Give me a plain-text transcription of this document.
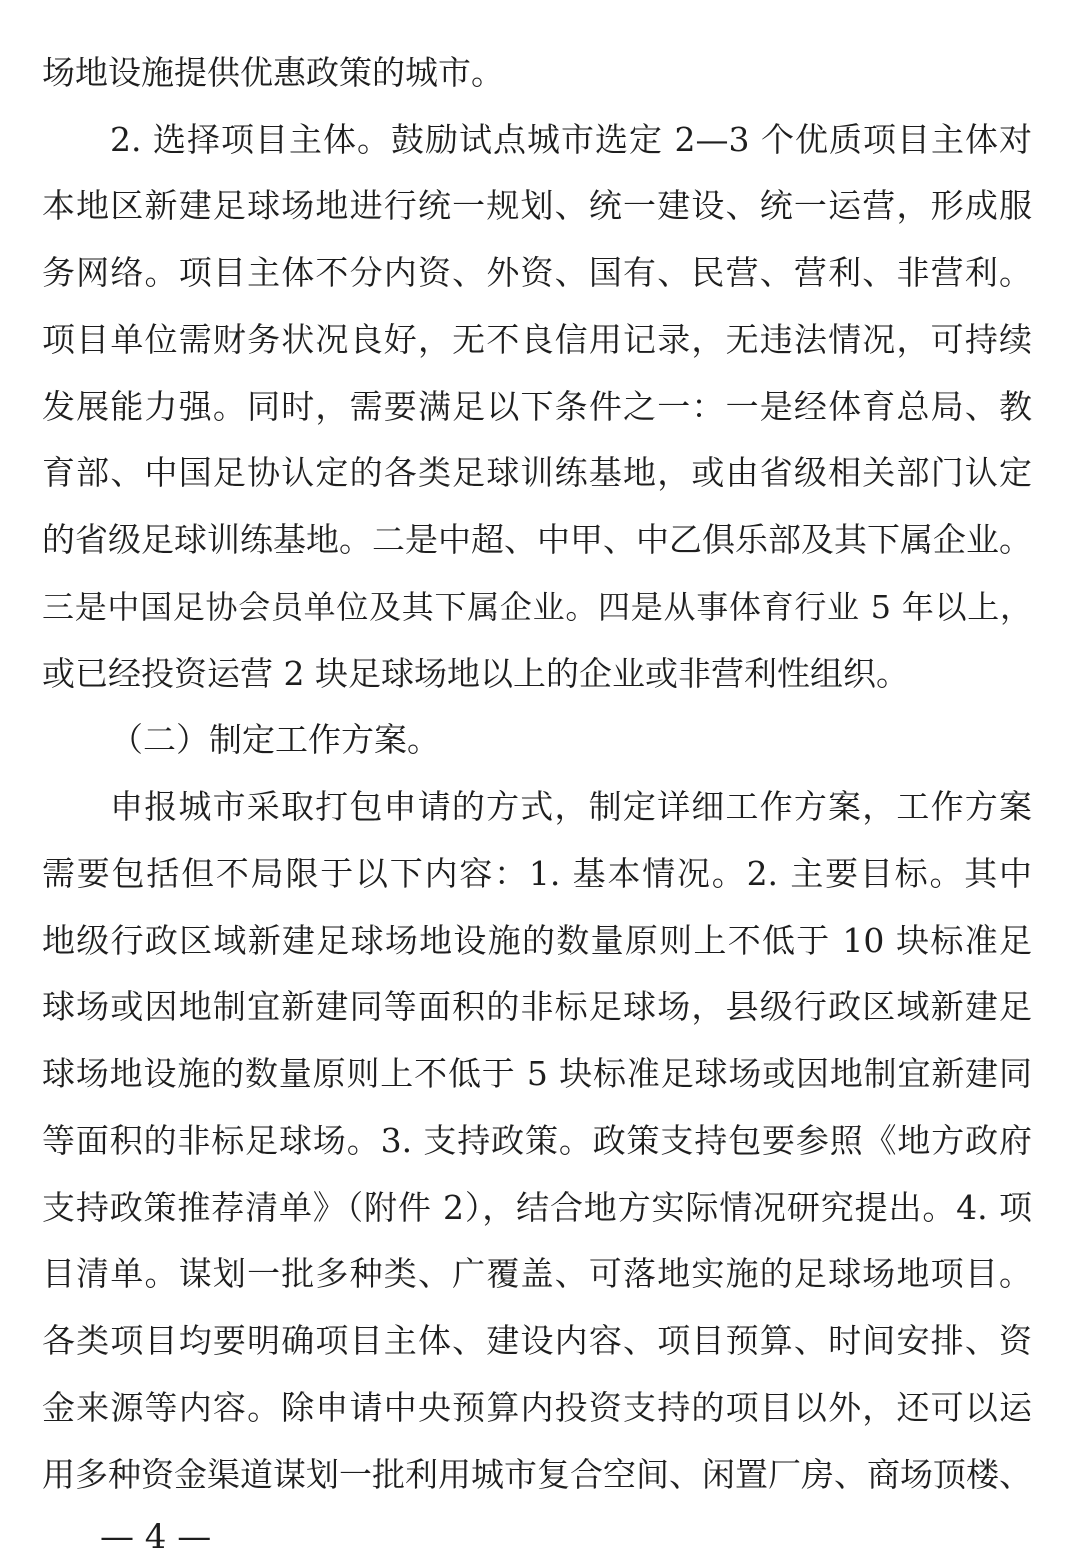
场地设施提供优惠政策的城市。
2. 选择项目主体。鼓励试点城市选定 2—3 个优质项目主体对
本地区新建足球场地进行统一规划、统一建设、统一运营，形成服
务网络。项目主体不分内资、外资、国有、民营、营利、非营利。
项目单位需财务状况良好，无不良信用记录，无违法情况，可持续
发展能力强。同时，需要满足以下条件之一：一是经体育总局、教
育部、中国足协认定的各类足球训练基地，或由省级相关部门认定
的省级足球训练基地。二是中超、中甲、中乙俱乐部及其下属企业。
三是中国足协会员单位及其下属企业。四是从事体育行业 5 年以上，
或已经投资运营 2 块足球场地以上的企业或非营利性组织。
（二）制定工作方案。
申报城市采取打包申请的方式，制定详细工作方案，工作方案
需要包括但不局限于以下内容：1. 基本情况。2. 主要目标。其中
地级行政区域新建足球场地设施的数量原则上不低于 10 块标准足
球场或因地制宜新建同等面积的非标足球场，县级行政区域新建足
球场地设施的数量原则上不低于 5 块标准足球场或因地制宜新建同
等面积的非标足球场。3. 支持政策。政策支持包要参照《地方政府
支持政策推荐清单》（附件 2），结合地方实际情况研究提出。4. 项
目清单。谋划一批多种类、广覆盖、可落地实施的足球场地项目。
各类项目均要明确项目主体、建设内容、项目预算、时间安排、资
金来源等内容。除申请中央预算内投资支持的项目以外，还可以运
用多种资金渠道谋划一批利用城市复合空间、闲置厂房、商场顶楼、
— 4 —
